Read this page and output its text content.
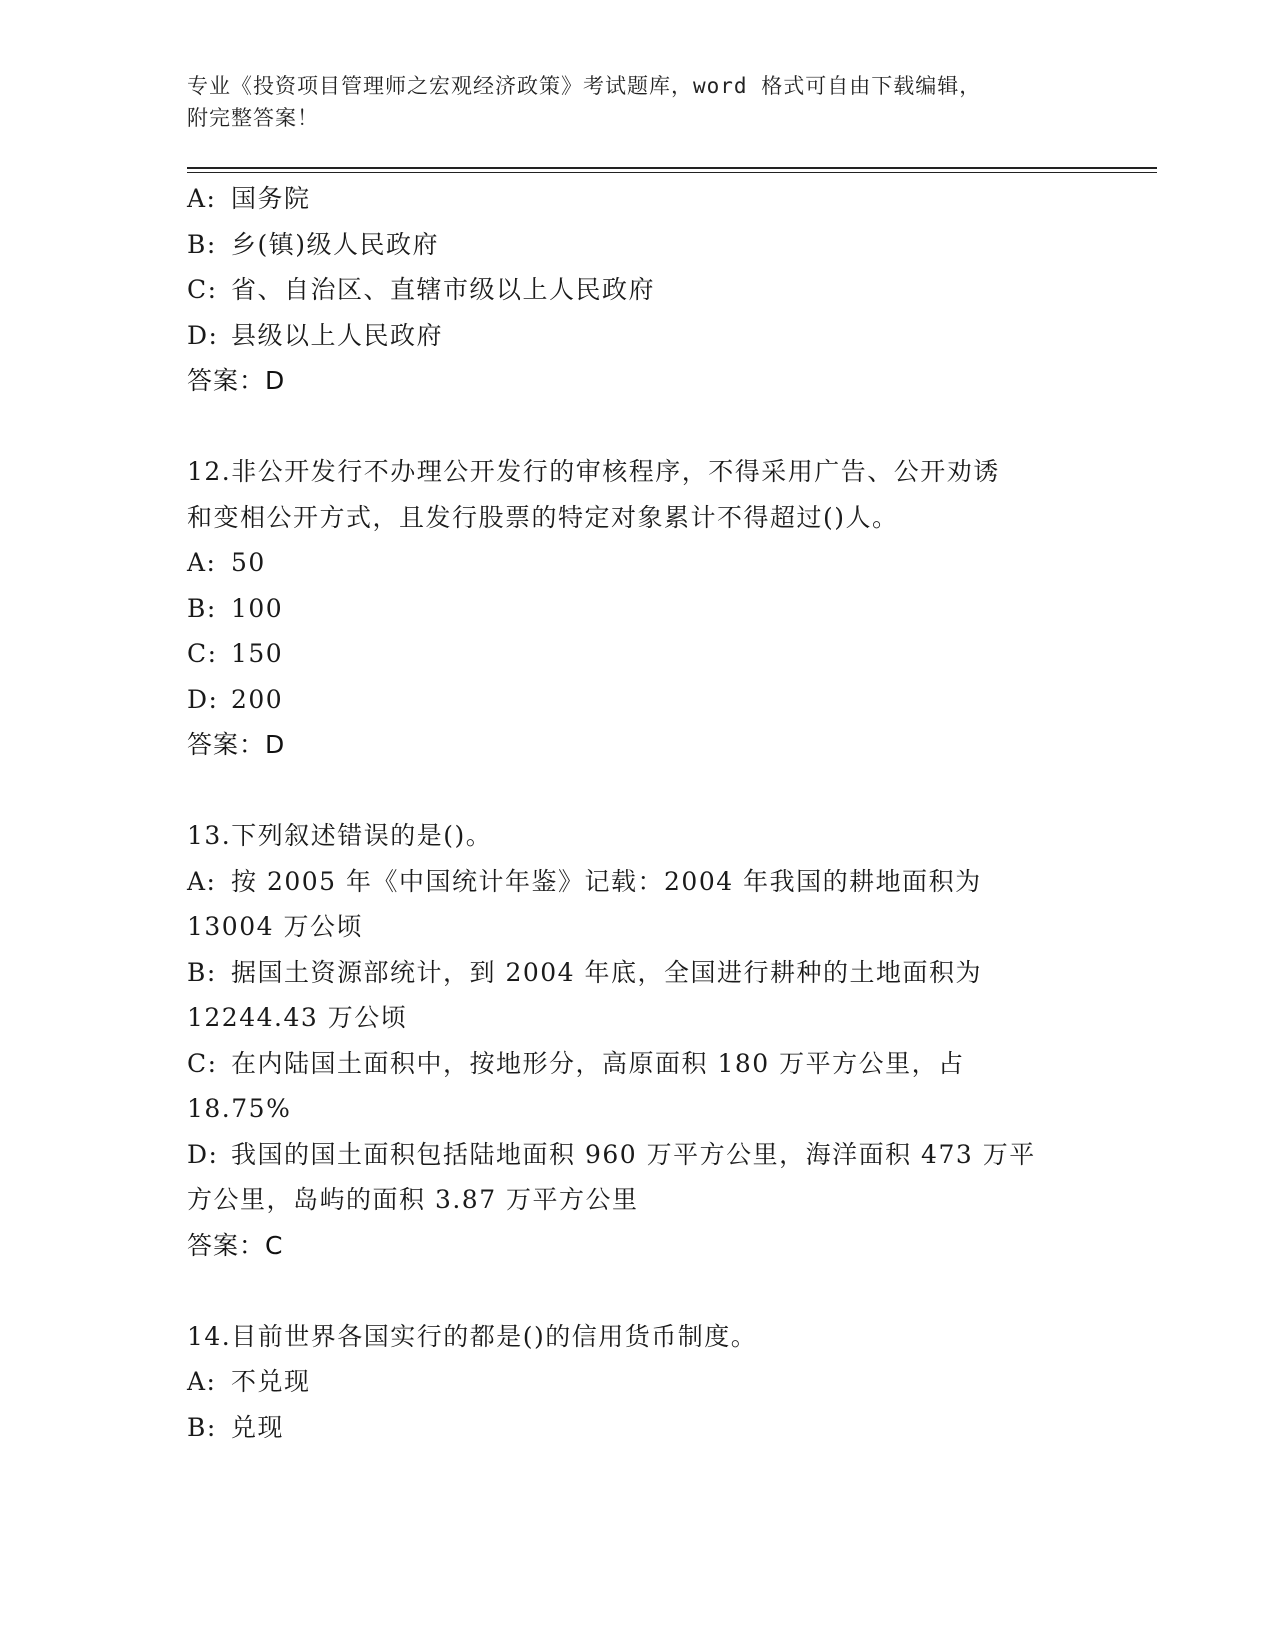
专业《投资项目管理师之宏观经济政策》考试题库，word 格式可自由下载编辑，
附完整答案！
A: 国务院
B: 乡(镇)级人民政府
C: 省、自治区、直辖市级以上人民政府
D: 县级以上人民政府
答案：D
12.非公开发行不办理公开发行的审核程序，不得采用广告、公开劝诱
和变相公开方式，且发行股票的特定对象累计不得超过()人。
A: 50
B: 100
C: 150
D: 200
答案：D
13.下列叙述错误的是()。
A: 按 2005 年《中国统计年鉴》记载：2004 年我国的耕地面积为
13004 万公顷
B: 据国土资源部统计，到 2004 年底，全国进行耕种的土地面积为
12244.43 万公顷
C: 在内陆国土面积中，按地形分，高原面积 180 万平方公里，占
18.75%
D: 我国的国土面积包括陆地面积 960 万平方公里，海洋面积 473 万平
方公里，岛屿的面积 3.87 万平方公里
答案：C
14.目前世界各国实行的都是()的信用货币制度。
A: 不兑现
B: 兑现
